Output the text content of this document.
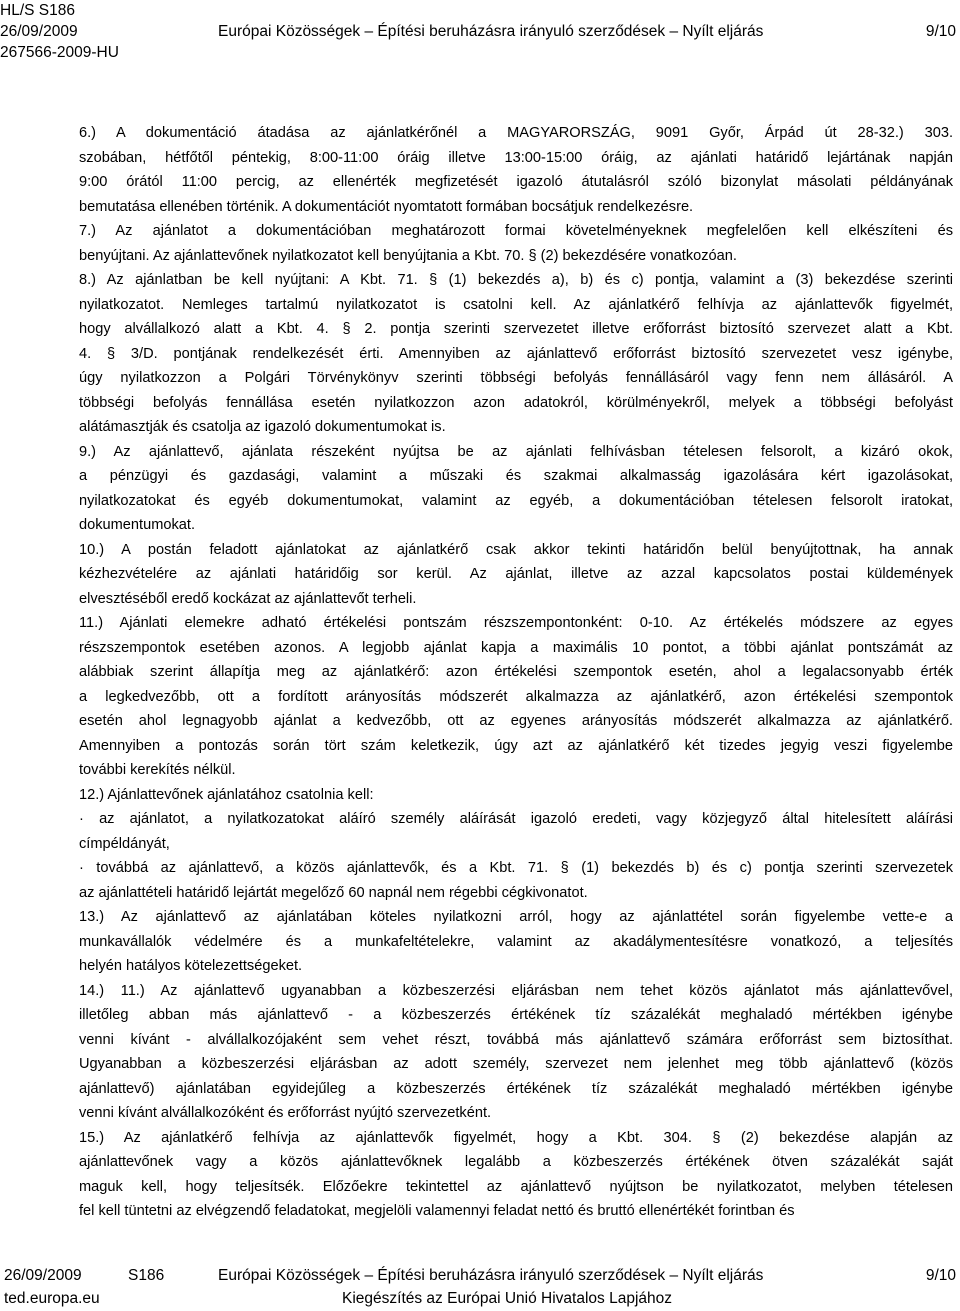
HL/S S186
26/09/2009	Európai Közösségek – Építési beruházásra irányuló szerződések – Nyílt eljárás	9/10
267566-2009-HU
6.) A dokumentáció átadása az ajánlatkérőnél a MAGYARORSZÁG, 9091 Győr, Árpád út 28-32.) 303.
szobában, hétfőtől péntekig, 8:00-11:00 óráig illetve 13:00-15:00 óráig, az ajánlati határidő lejártának napján
9:00 órától 11:00 percig, az ellenérték megfizetését igazoló átutalásról szóló bizonylat másolati példányának
bemutatása ellenében történik. A dokumentációt nyomtatott formában bocsátjuk rendelkezésre.
7.) Az ajánlatot a dokumentációban meghatározott formai követelményeknek megfelelően kell elkészíteni és
benyújtani. Az ajánlattevőnek nyilatkozatot kell benyújtania a Kbt. 70. § (2) bekezdésére vonatkozóan.
8.) Az ajánlatban be kell nyújtani: A Kbt. 71. § (1) bekezdés a), b) és c) pontja, valamint a (3) bekezdése szerinti
nyilatkozatot. Nemleges tartalmú nyilatkozatot is csatolni kell. Az ajánlatkérő felhívja az ajánlattevők figyelmét,
hogy alvállalkozó alatt a Kbt. 4. § 2. pontja szerinti szervezetet illetve erőforrást biztosító szervezet alatt a Kbt.
4. § 3/D. pontjának rendelkezését érti. Amennyiben az ajánlattevő erőforrást biztosító szervezetet vesz igénybe,
úgy nyilatkozzon a Polgári Törvénykönyv szerinti többségi befolyás fennállásáról vagy fenn nem állásáról. A
többségi befolyás fennállása esetén nyilatkozzon azon adatokról, körülményekről, melyek a többségi befolyást
alátámasztják és csatolja az igazoló dokumentumokat is.
9.) Az ajánlattevő, ajánlata részeként nyújtsa be az ajánlati felhívásban tételesen felsorolt, a kizáró okok,
a pénzügyi és gazdasági, valamint a műszaki és szakmai alkalmasság igazolására kért igazolásokat,
nyilatkozatokat és egyéb dokumentumokat, valamint az egyéb, a dokumentációban tételesen felsorolt iratokat,
dokumentumokat.
10.) A postán feladott ajánlatokat az ajánlatkérő csak akkor tekinti határidőn belül benyújtottnak, ha annak
kézhezvételére az ajánlati határidőig sor kerül. Az ajánlat, illetve az azzal kapcsolatos postai küldemények
elvesztéséből eredő kockázat az ajánlattevőt terheli.
11.) Ajánlati elemekre adható értékelési pontszám részszempontonként: 0-10. Az értékelés módszere az egyes
részszempontok esetében azonos. A legjobb ajánlat kapja a maximális 10 pontot, a többi ajánlat pontszámát az
alábbiak szerint állapítja meg az ajánlatkérő: azon értékelési szempontok esetén, ahol a legalacsonyabb érték
a legkedvezőbb, ott a fordított arányosítás módszerét alkalmazza az ajánlatkérő, azon értékelési szempontok
esetén ahol legnagyobb ajánlat a kedvezőbb, ott az egyenes arányosítás módszerét alkalmazza az ajánlatkérő.
Amennyiben a pontozás során tört szám keletkezik, úgy azt az ajánlatkérő két tizedes jegyig veszi figyelembe
további kerekítés nélkül.
12.) Ajánlattevőnek ajánlatához csatolnia kell:
· az ajánlatot, a nyilatkozatokat aláíró személy aláírását igazoló eredeti, vagy közjegyző által hitelesített aláírási
címpéldányát,
· továbbá az ajánlattevő, a közös ajánlattevők, és a Kbt. 71. § (1) bekezdés b) és c) pontja szerinti szervezetek
az ajánlattételi határidő lejártát megelőző 60 napnál nem régebbi cégkivonatot.
13.) Az ajánlattevő az ajánlatában köteles nyilatkozni arról, hogy az ajánlattétel során figyelembe vette-e a
munkavállalók védelmére és a munkafeltételekre, valamint az akadálymentesítésre vonatkozó, a teljesítés
helyén hatályos kötelezettségeket.
14.) 11.) Az ajánlattevő ugyanabban a közbeszerzési eljárásban nem tehet közös ajánlatot más ajánlattevővel,
illetőleg abban más ajánlattevő - a közbeszerzés értékének tíz százalékát meghaladó mértékben igénybe
venni kívánt - alvállalkozójaként sem vehet részt, továbbá más ajánlattevő számára erőforrást sem biztosíthat.
Ugyanabban a közbeszerzési eljárásban az adott személy, szervezet nem jelenhet meg több ajánlattevő (közös
ajánlattevő) ajánlatában egyidejűleg a közbeszerzés értékének tíz százalékát meghaladó mértékben igénybe
venni kívánt alvállalkozóként és erőforrást nyújtó szervezetként.
15.) Az ajánlatkérő felhívja az ajánlattevők figyelmét, hogy a Kbt. 304. § (2) bekezdése alapján az
ajánlattevőnek vagy a közös ajánlattevőknek legalább a közbeszerzés értékének ötven százalékát saját
maguk kell, hogy teljesítsék. Előzőekre tekintettel az ajánlattevő nyújtson be nyilatkozatot, melyben tételesen
fel kell tüntetni az elvégzendő feladatokat, megjelöli valamennyi feladat nettó és bruttó ellenértékét forintban és
26/09/2009	S186	Európai Közösségek – Építési beruházásra irányuló szerződések – Nyílt eljárás	9/10
ted.europa.eu	Kiegészítés az Európai Unió Hivatalos Lapjához
